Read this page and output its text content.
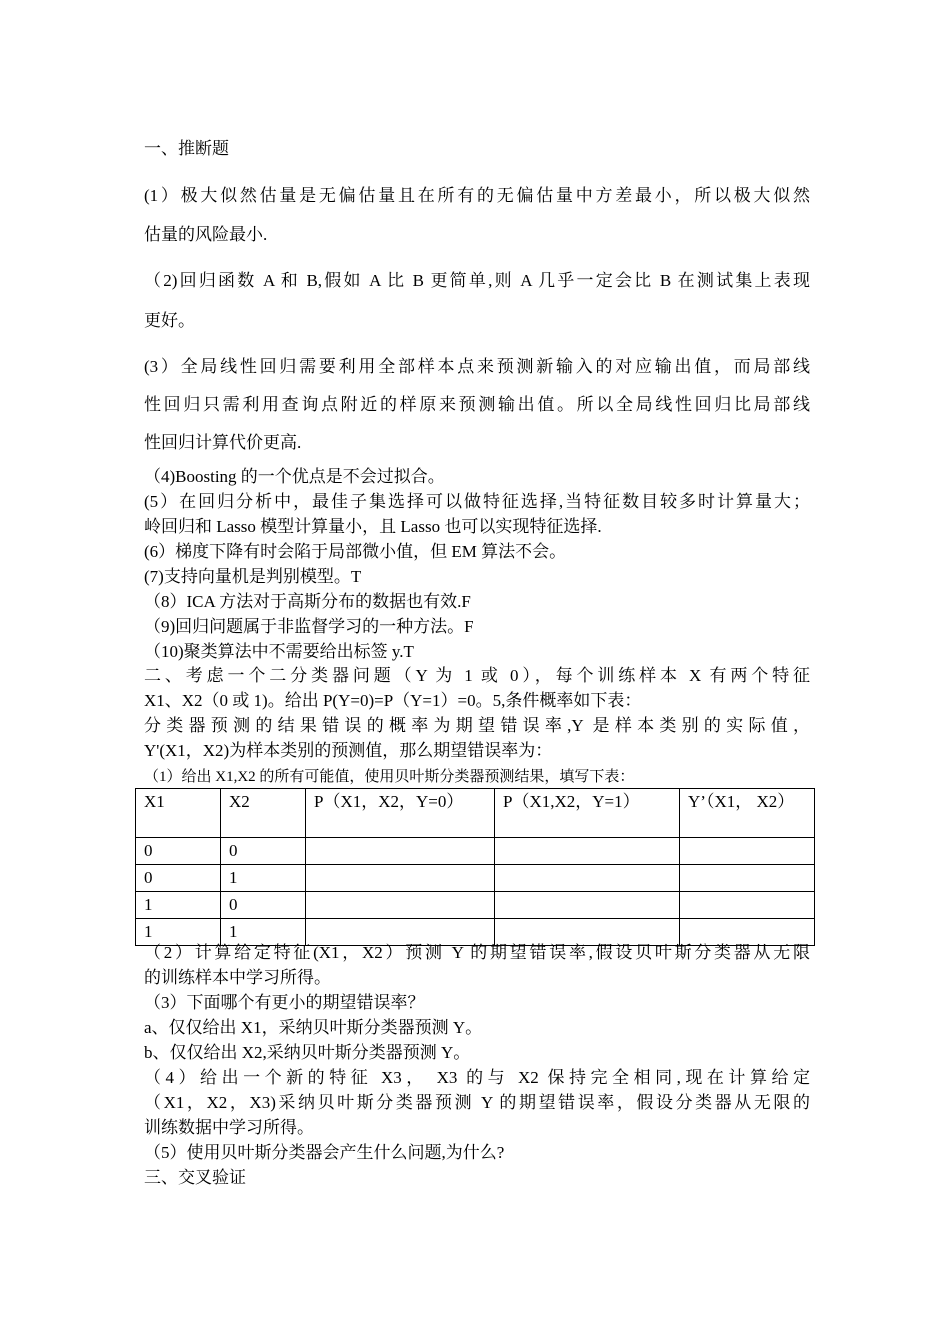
一、推断题
(1）极大似然估量是无偏估量且在所有的无偏估量中方差最小，所以极大似然
估量的风险最小.
（2)回归函数 A 和 B,假如 A 比 B 更简单,则 A 几乎一定会比 B 在测试集上表现
更好。
(3）全局线性回归需要利用全部样本点来预测新输入的对应输出值，而局部线
性回归只需利用查询点附近的样原来预测输出值。所以全局线性回归比局部线
性回归计算代价更高.
（4)Boosting 的一个优点是不会过拟合。
(5）在回归分析中，最佳子集选择可以做特征选择,当特征数目较多时计算量大；
岭回归和 Lasso 模型计算量小，且 Lasso 也可以实现特征选择.
(6）梯度下降有时会陷于局部微小值，但 EM 算法不会。
(7)支持向量机是判别模型。T
（8）ICA 方法对于高斯分布的数据也有效.F
（9)回归问题属于非监督学习的一种方法。F
（10)聚类算法中不需要给出标签 y.T
二、考虑一个二分类器问题（Y 为 1 或 0），每个训练样本 X 有两个特征
X1、X2（0 或 1)。给出 P(Y=0)=P（Y=1）=0。5,条件概率如下表：
分类器预测的结果错误的概率为期望错误率,Y 是样本类别的实际值，
Y'(X1，X2)为样本类别的预测值，那么期望错误率为：
（1）给出 X1,X2 的所有可能值，使用贝叶斯分类器预测结果，填写下表：
X1	X2	P（X1，X2，Y=0）	P（X1,X2，Y=1）	Y’（X1， X2）
0	0			
0	1			
1	0			
1	1			
（2）计算给定特征(X1，X2）预测 Y 的期望错误率,假设贝叶斯分类器从无限
的训练样本中学习所得。
（3）下面哪个有更小的期望错误率？
a、仅仅给出 X1，采纳贝叶斯分类器预测 Y。
b、仅仅给出 X2,采纳贝叶斯分类器预测 Y。
（4）给出一个新的特征 X3， X3 的与 X2 保持完全相同,现在计算给定
（X1，X2，X3)采纳贝叶斯分类器预测 Y 的期望错误率，假设分类器从无限的
训练数据中学习所得。
（5）使用贝叶斯分类器会产生什么问题,为什么?
三、交叉验证
